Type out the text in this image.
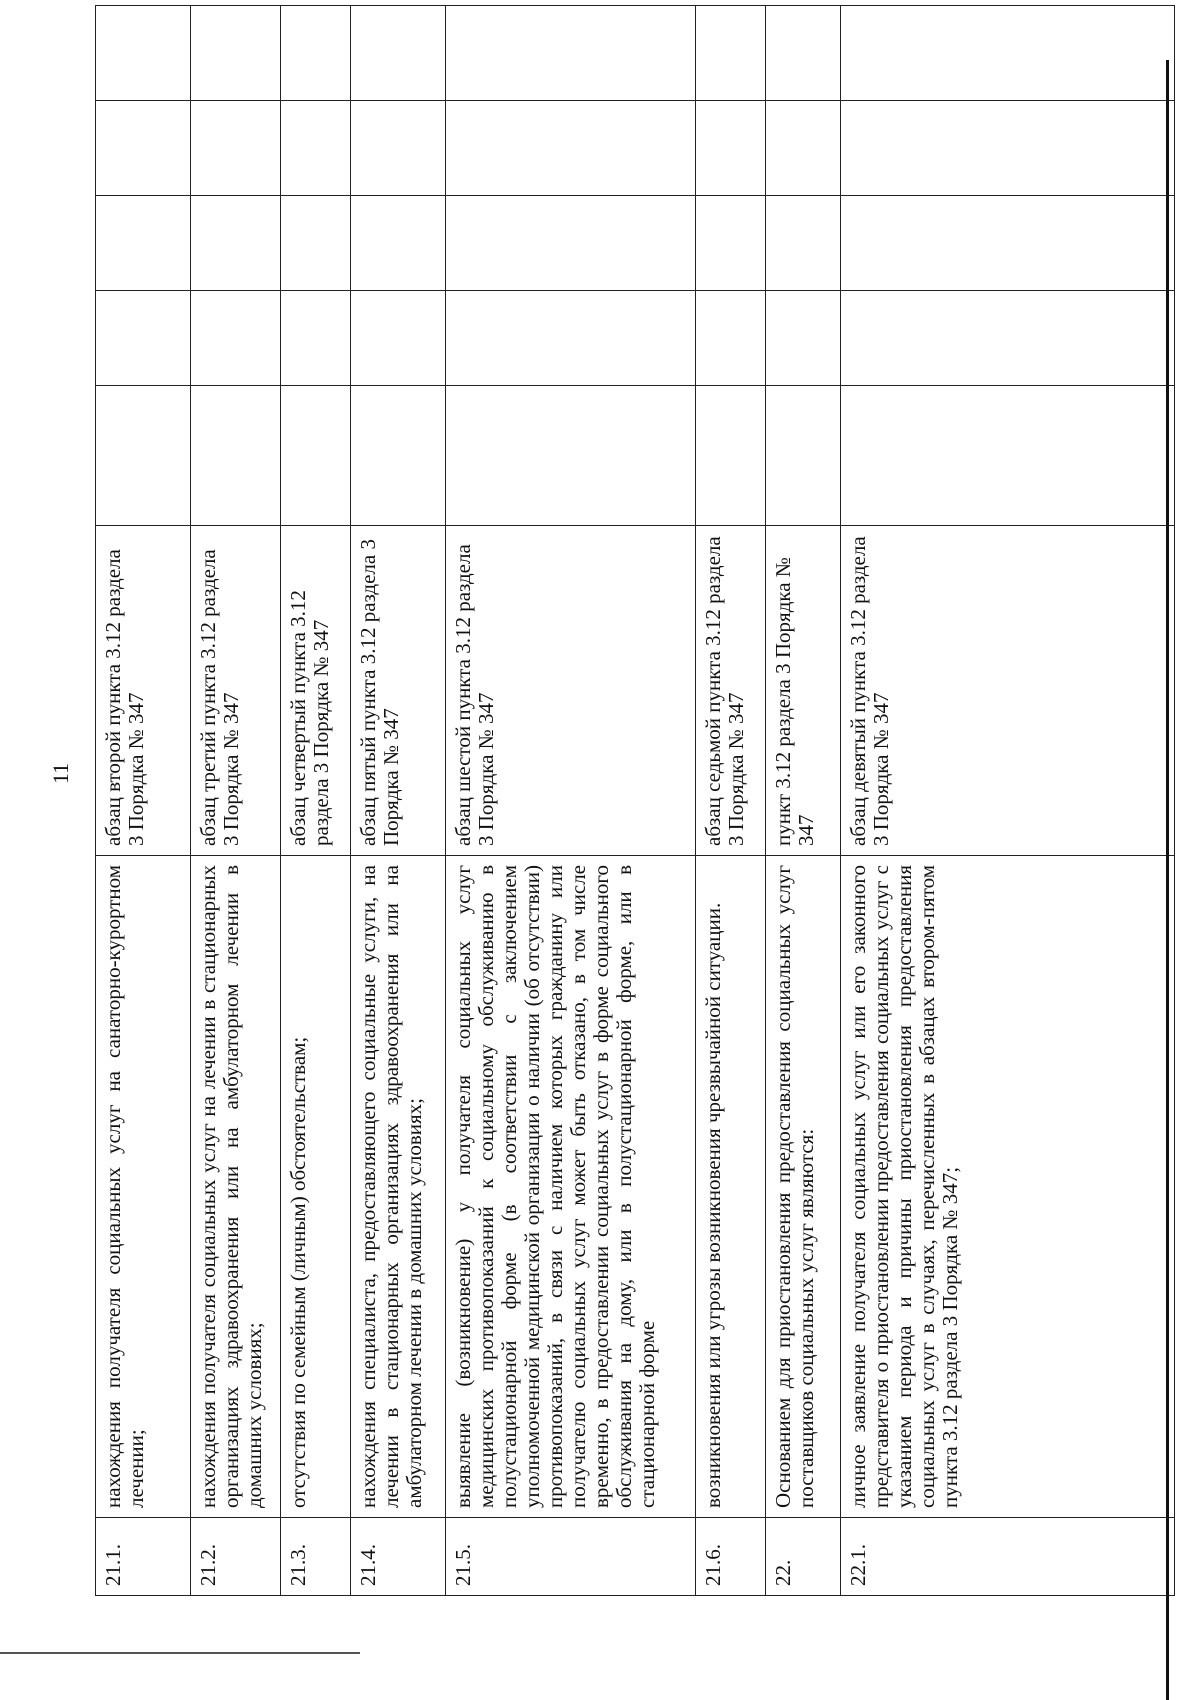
11
21.1.	нахождения получателя социальных услуг на санаторно-курортном лечении;	абзац второй пункта 3.12 раздела 3 Порядка № 347					
21.2.	нахождения получателя социальных услуг на лечении в стационарных организациях здравоохранения или на амбулаторном лечении в домашних условиях;	абзац третий пункта 3.12 раздела 3 Порядка № 347					
21.3.	отсутствия по семейным (личным) обстоятельствам;	абзац четвертый пункта 3.12 раздела 3 Порядка № 347					
21.4.	нахождения специалиста, предоставляющего социальные услуги, на лечении в стационарных организациях здравоохранения или на амбулаторном лечении в домашних условиях;	абзац пятый пункта 3.12 раздела 3 Порядка № 347					
21.5.	выявление (возникновение) у получателя социальных услуг медицинских противопоказаний к социальному обслуживанию в полустационарной форме (в соответствии с заключением уполномоченной медицинской организации о наличии (об отсутствии) противопоказаний, в связи с наличием которых гражданину или получателю социальных услуг может быть отказано, в том числе временно, в предоставлении социальных услуг в форме социального обслуживания на дому, или в полустационарной форме, или в стационарной форме	абзац шестой пункта 3.12 раздела 3 Порядка № 347					
21.6.	возникновения или угрозы возникновения чрезвычайной ситуации.	абзац седьмой пункта 3.12 раздела 3 Порядка № 347					
22.	Основанием для приостановления предоставления социальных услуг поставщиков социальных услуг являются:	пункт 3.12 раздела 3 Порядка № 347					
22.1.	личное заявление получателя социальных услуг или его законного представителя о приостановлении предоставления социальных услуг с указанием периода и причины приостановления предоставления социальных услуг в случаях, перечисленных в абзацах втором-пятом пункта 3.12 раздела 3 Порядка № 347;	абзац девятый пункта 3.12 раздела 3 Порядка № 347					
